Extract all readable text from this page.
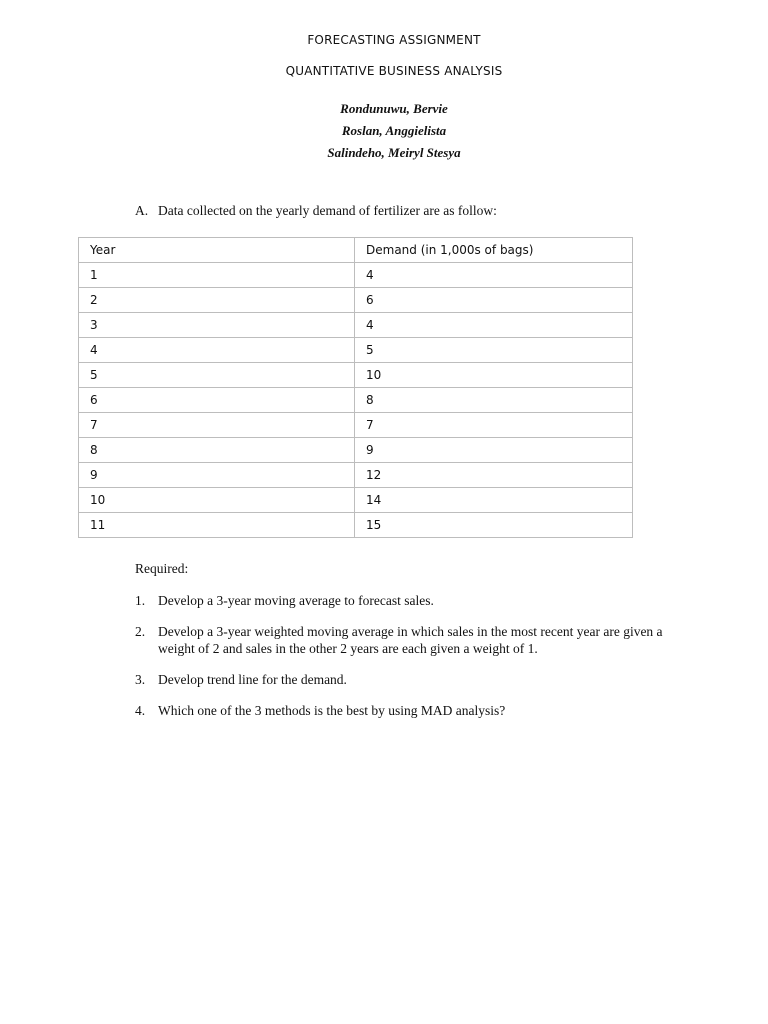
FORECASTING ASSIGNMENT
QUANTITATIVE BUSINESS ANALYSIS
Rondunuwu, Bervie
Roslan, Anggielista
Salindeho, Meiryl Stesya
A. Data collected on the yearly demand of fertilizer are as follow:
Year	Demand (in 1,000s of bags)
1	4
2	6
3	4
4	5
5	10
6	8
7	7
8	9
9	12
10	14
11	15
Required:
1. Develop a 3-year moving average to forecast sales.
2. Develop a 3-year weighted moving average in which sales in the most recent year are given a weight of 2 and sales in the other 2 years are each given a weight of 1.
3. Develop trend line for the demand.
4. Which one of the 3 methods is the best by using MAD analysis?
